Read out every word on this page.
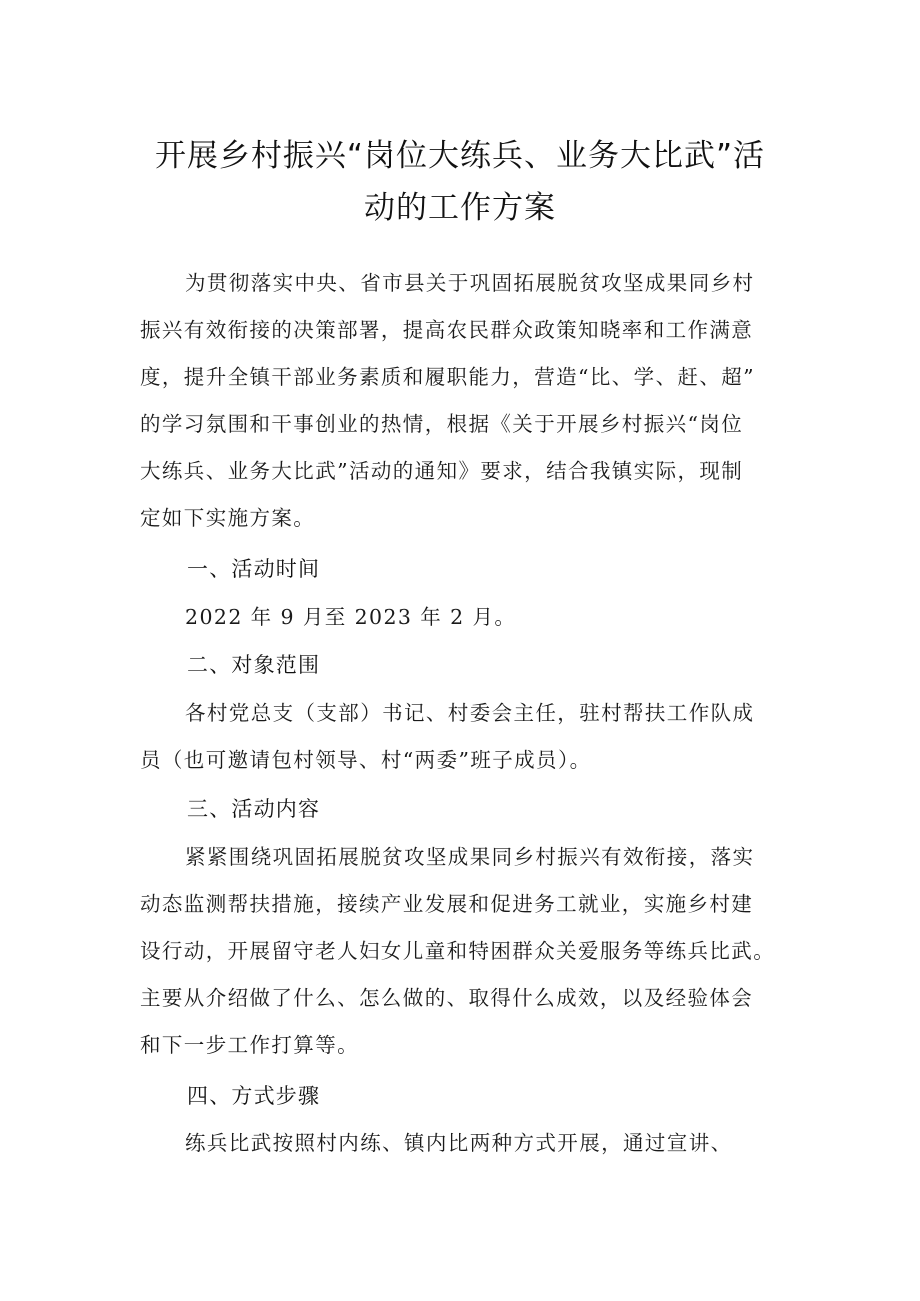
开展乡村振兴“岗位大练兵、业务大比武”活
动的工作方案
为贯彻落实中央、省市县关于巩固拓展脱贫攻坚成果同乡村
振兴有效衔接的决策部署，提高农民群众政策知晓率和工作满意
度，提升全镇干部业务素质和履职能力，营造“比、学、赶、超”
的学习氛围和干事创业的热情，根据《关于开展乡村振兴“岗位
大练兵、业务大比武”活动的通知》要求，结合我镇实际，现制
定如下实施方案。
一、活动时间
2022 年 9 月至 2023 年 2 月。
二、对象范围
各村党总支（支部）书记、村委会主任，驻村帮扶工作队成
员（也可邀请包村领导、村“两委”班子成员）。
三、活动内容
紧紧围绕巩固拓展脱贫攻坚成果同乡村振兴有效衔接，落实
动态监测帮扶措施，接续产业发展和促进务工就业，实施乡村建
设行动，开展留守老人妇女儿童和特困群众关爱服务等练兵比武。
主要从介绍做了什么、怎么做的、取得什么成效，以及经验体会
和下一步工作打算等。
四、方式步骤
练兵比武按照村内练、镇内比两种方式开展，通过宣讲、
